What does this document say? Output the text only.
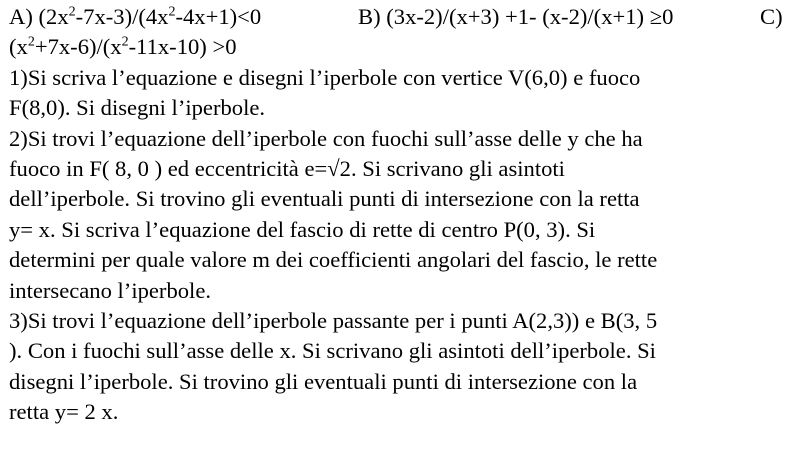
A) $(2x^2-7x-3)/(4x^2-4x+1)<0$	B) (3x-2)/(x+3) +1- (x-2)/(x+1) ≥0	C)
$(x^2+7x-6)/(x^2-11x-10) >0$
1)Si scriva l’equazione e disegni l’iperbole con vertice V(6,0) e fuoco
F(8,0). Si disegni l’iperbole.
2)Si trovi l’equazione dell’iperbole con fuochi sull’asse delle y che ha
fuoco in F( 8, 0 ) ed eccentricità e=√2. Si scrivano gli asintoti
dell’iperbole. Si trovino gli eventuali punti di intersezione con la retta
y= x. Si scriva l’equazione del fascio di rette di centro P(0, 3). Si
determini per quale valore m dei coefficienti angolari del fascio, le rette
intersecano l’iperbole.
3)Si trovi l’equazione dell’iperbole passante per i punti A(2,3)) e B(3, 5
). Con i fuochi sull’asse delle x. Si scrivano gli asintoti dell’iperbole. Si
disegni l’iperbole. Si trovino gli eventuali punti di intersezione con la
retta y= 2 x.
